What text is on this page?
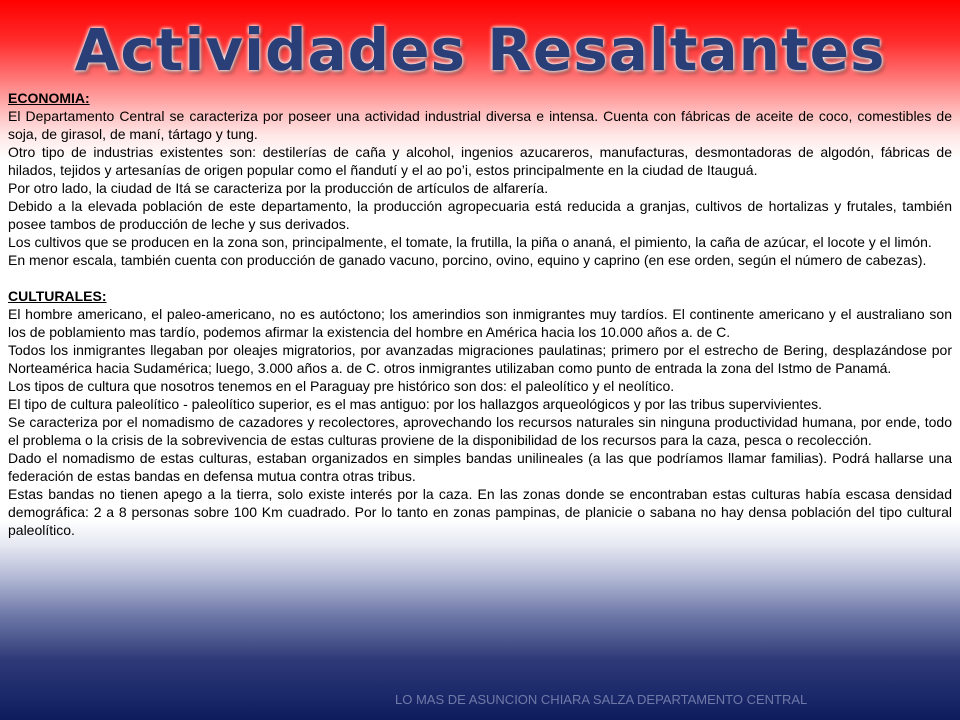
Actividades Resaltantes

ECONOMIA:

El Departamento Central se caracteriza por poseer una actividad industrial diversa e intensa. Cuenta con fábricas de aceite de coco, comestibles de soja, de girasol, de maní, tártago y tung.

Otro tipo de industrias existentes son: destilerías de caña y alcohol, ingenios azucareros, manufacturas, desmontadoras de algodón, fábricas de hilados, tejidos y artesanías de origen popular como el ñandutí y el ao po’i, estos principalmente en la ciudad de Itauguá.

Por otro lado, la ciudad de Itá se caracteriza por la producción de artículos de alfarería.

Debido a la elevada población de este departamento, la producción agropecuaria está reducida a granjas, cultivos de hortalizas y frutales, también posee tambos de producción de leche y sus derivados.

Los cultivos que se producen en la zona son, principalmente, el tomate, la frutilla, la piña o ananá, el pimiento, la caña de azúcar, el locote y el limón.

En menor escala, también cuenta con producción de ganado vacuno, porcino, ovino, equino y caprino (en ese orden, según el número de cabezas).

CULTURALES:

El hombre americano, el paleo-americano, no es autóctono; los amerindios son inmigrantes muy tardíos. El continente americano y el australiano son los de poblamiento mas tardío, podemos afirmar la existencia del hombre en América hacia los 10.000 años a. de C.

Todos los inmigrantes llegaban por oleajes migratorios, por avanzadas migraciones paulatinas; primero por el estrecho de Bering, desplazándose por Norteamérica hacia Sudamérica; luego, 3.000 años a. de C. otros inmigrantes utilizaban como punto de entrada la zona del Istmo de Panamá.

Los tipos de cultura que nosotros tenemos en el Paraguay pre histórico son dos: el paleolítico y el neolítico.

El tipo de cultura paleolítico - paleolítico superior, es el mas antiguo: por los hallazgos arqueológicos y por las tribus supervivientes.

Se caracteriza por el nomadismo de cazadores y recolectores, aprovechando los recursos naturales sin ninguna productividad humana, por ende, todo el problema o la crisis de la sobrevivencia de estas culturas proviene de la disponibilidad de los recursos para la caza, pesca o recolección.

Dado el nomadismo de estas culturas, estaban organizados en simples bandas unilineales (a las que podríamos llamar familias). Podrá hallarse una federación de estas bandas en defensa mutua contra otras tribus.

Estas bandas no tienen apego a la tierra, solo existe interés por la caza. En las zonas donde se encontraban estas culturas había escasa densidad demográfica: 2 a 8 personas sobre 100 Km cuadrado. Por lo tanto en zonas pampinas, de planicie o sabana no hay densa población del tipo cultural paleolítico.

LO MAS DE ASUNCION CHIARA SALZA DEPARTAMENTO CENTRAL
